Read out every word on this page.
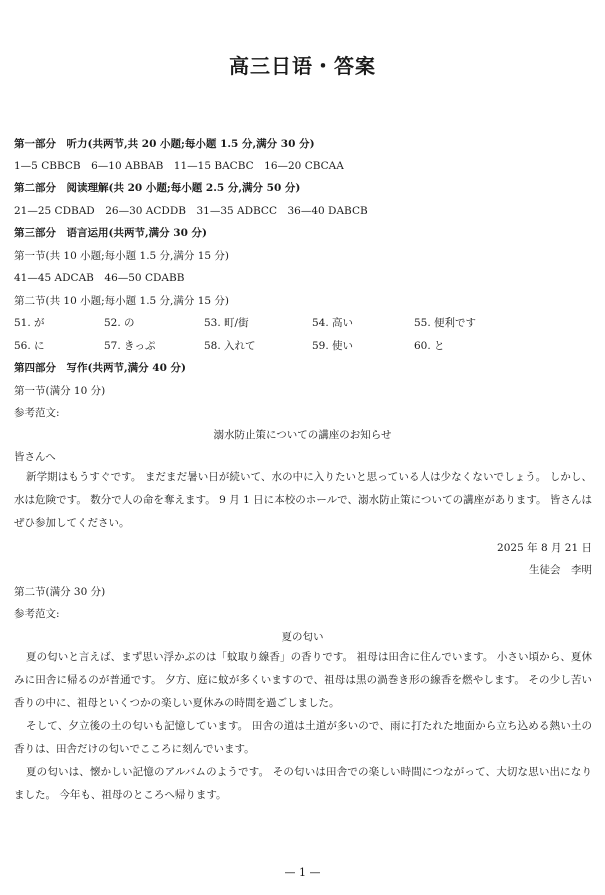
高三日语・答案
第一部分　听力(共两节,共 20 小题;每小题 1.5 分,满分 30 分)
1—5 CBBCB　6—10 ABBAB　11—15 BACBC　16—20 CBCAA
第二部分　阅读理解(共 20 小题;每小题 2.5 分,满分 50 分)
21—25 CDBAD　26—30 ACDDB　31—35 ADBCC　36—40 DABCB
第三部分　语言运用(共两节,满分 30 分)
第一节(共 10 小题;每小题 1.5 分,满分 15 分)
41—45 ADCAB　46—50 CDABB
第二节(共 10 小题;每小题 1.5 分,满分 15 分)
51. が	52. の	53. 町/街	54. 高い	55. 便利です
56. に	57. きっぷ	58. 入れて	59. 使い	60. と
第四部分　写作(共两节,满分 40 分)
第一节(满分 10 分)
参考范文:
溺水防止策についての講座のお知らせ
皆さんへ
新学期はもうすぐです。 まだまだ暑い日が続いて、水の中に入りたいと思っている人は少なくないでしょう。 しかし、水は危険です。 数分で人の命を奪えます。 9 月 1 日に本校のホールで、溺水防止策についての講座があります。 皆さんはぜひ参加してください。
2025 年 8 月 21 日
生徒会　李明
第二节(满分 30 分)
参考范文:
夏の匂い
夏の匂いと言えば、まず思い浮かぶのは「蚊取り線香」の香りです。 祖母は田舎に住んでいます。 小さい頃から、夏休みに田舎に帰るのが普通です。 夕方、庭に蚊が多くいますので、祖母は黒の渦巻き形の線香を燃やします。 その少し苦い香りの中に、祖母といくつかの楽しい夏休みの時間を過ごしました。
そして、夕立後の土の匂いも記憶しています。 田舎の道は土道が多いので、雨に打たれた地面から立ち込める熱い土の香りは、田舎だけの匂いでこころに刻んでいます。
夏の匂いは、懐かしい記憶のアルバムのようです。 その匂いは田舎での楽しい時間につながって、大切な思い出になりました。 今年も、祖母のところへ帰ります。
— 1 —
